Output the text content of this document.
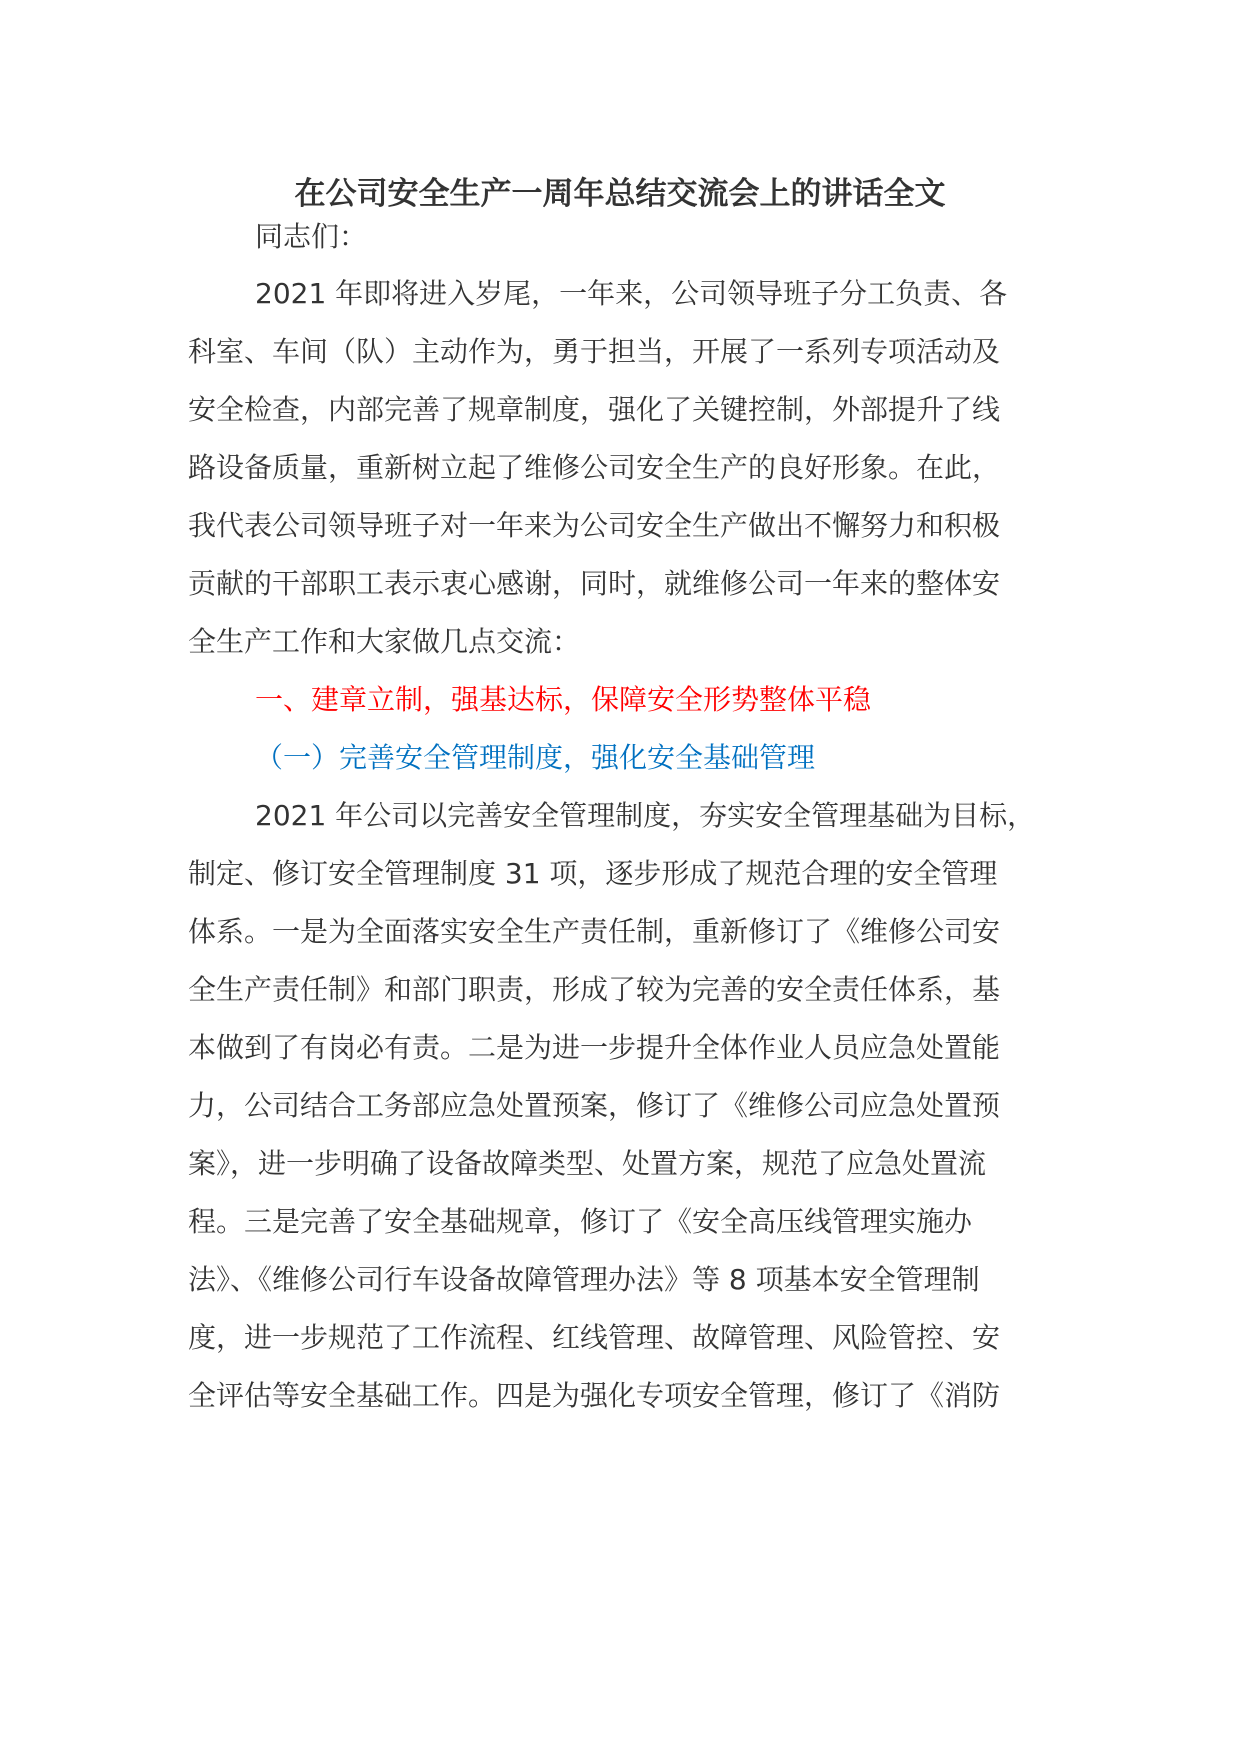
在公司安全生产一周年总结交流会上的讲话全文

同志们：

2021 年即将进入岁尾，一年来，公司领导班子分工负责、各

科室、车间（队）主动作为，勇于担当，开展了一系列专项活动及

安全检查，内部完善了规章制度，强化了关键控制，外部提升了线

路设备质量，重新树立起了维修公司安全生产的良好形象。在此，

我代表公司领导班子对一年来为公司安全生产做出不懈努力和积极

贡献的干部职工表示衷心感谢，同时，就维修公司一年来的整体安

全生产工作和大家做几点交流：

一、建章立制，强基达标，保障安全形势整体平稳

（一）完善安全管理制度，强化安全基础管理

2021 年公司以完善安全管理制度，夯实安全管理基础为目标，

制定、修订安全管理制度 31 项，逐步形成了规范合理的安全管理

体系。一是为全面落实安全生产责任制，重新修订了《维修公司安

全生产责任制》和部门职责，形成了较为完善的安全责任体系，基

本做到了有岗必有责。二是为进一步提升全体作业人员应急处置能

力，公司结合工务部应急处置预案，修订了《维修公司应急处置预

案》，进一步明确了设备故障类型、处置方案，规范了应急处置流

程。三是完善了安全基础规章，修订了《安全高压线管理实施办

法》、《维修公司行车设备故障管理办法》等 8 项基本安全管理制

度，进一步规范了工作流程、红线管理、故障管理、风险管控、安

全评估等安全基础工作。四是为强化专项安全管理，修订了《消防
